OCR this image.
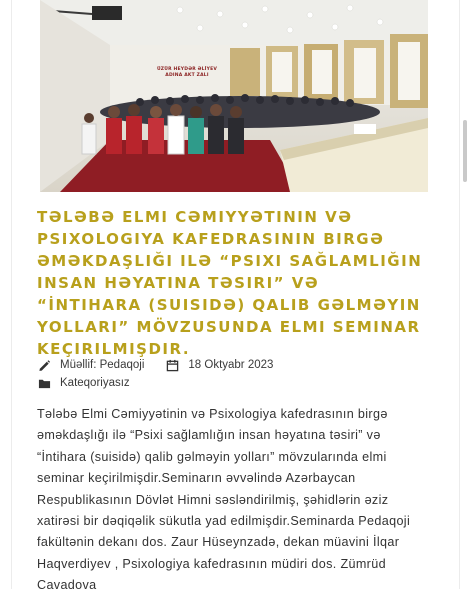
ÜZÜR HEYDƏR ƏLİYEV
ADINA AKT ZALI
TƏLƏBƏ ELMI CƏMIYYƏTININ VƏ PSIXOLOGIYA KAFEDRASININ BIRGƏ ƏMƏKDAŞLIĞI ILƏ “PSIXI SAĞLAMLIĞIN INSAN HƏYATINA TƏSIRI” VƏ “İNTIHARA (SUISIDƏ) QALIB GƏLMƏYIN YOLLARI” MÖVZUSUNDA ELMI SEMINAR KEÇIRILMIŞDIR.
Müəllif: Pedaqoji	18 Oktyabr 2023
Kateqoriyasız

Tələbə Elmi Cəmiyyətinin və Psixologiya kafedrasının birgə əməkdaşlığı ilə “Psixi sağlamlığın insan həyatına təsiri” və “İntihara (suisidə) qalib gəlməyin yolları” mövzularında elmi seminar keçirilmişdir.Seminarın əvvəlində Azərbaycan Respublikasının Dövlət Himni səsləndirilmiş, şəhidlərin əziz xatirəsi bir dəqiqəlik sükutla yad edilmişdir.Seminarda Pedaqoji fakültənin dekanı dos. Zaur Hüseynzadə, dekan müavini İlqar Haqverdiyev , Psixologiya kafedrasının müdiri dos. Zümrüd Cavadova
